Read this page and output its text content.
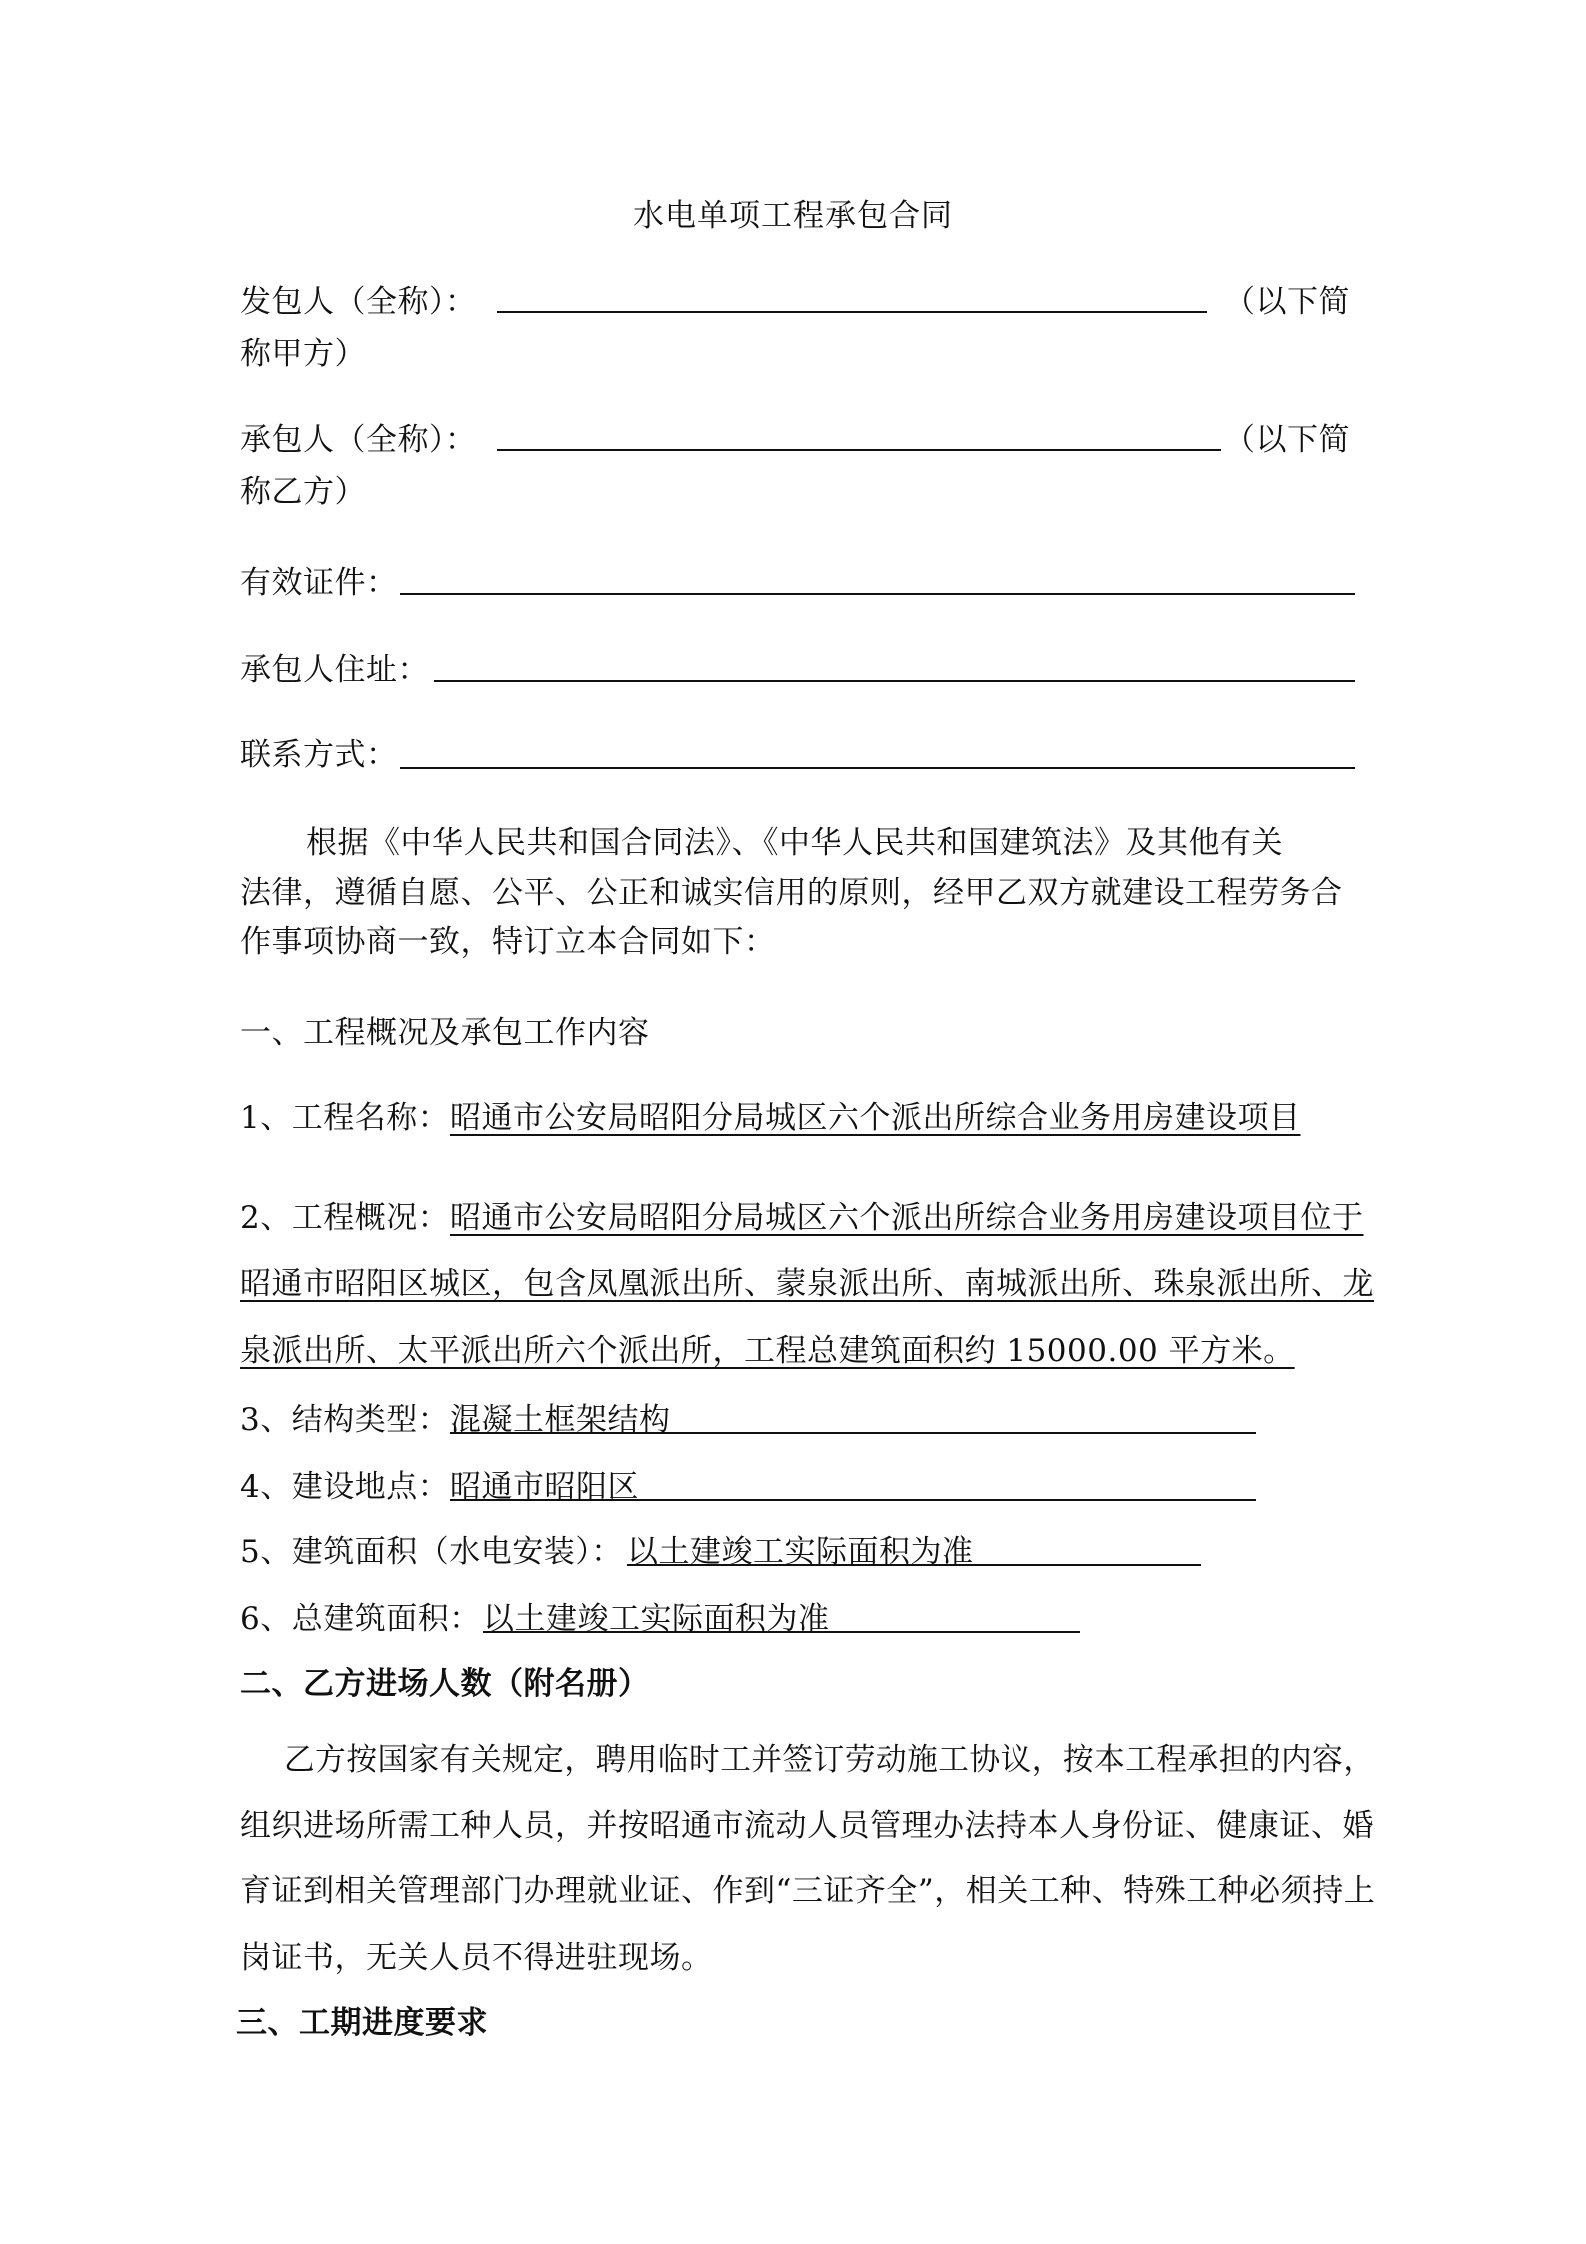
水电单项工程承包合同
发包人（全称）：	（以下简
称甲方）
承包人（全称）：	（以下简
称乙方）
有效证件：
承包人住址：
联系方式：
根据《中华人民共和国合同法》、《中华人民共和国建筑法》及其他有关
法律，遵循自愿、公平、公正和诚实信用的原则，经甲乙双方就建设工程劳务合
作事项协商一致，特订立本合同如下：
一、工程概况及承包工作内容
1、工程名称： 昭通市公安局昭阳分局城区六个派出所综合业务用房建设项目
2、工程概况： 昭通市公安局昭阳分局城区六个派出所综合业务用房建设项目位于
昭通市昭阳区城区，包含凤凰派出所、蒙泉派出所、南城派出所、珠泉派出所、龙
泉派出所、太平派出所六个派出所，工程总建筑面积约 15000.00 平方米。
3、结构类型： 混凝土框架结构
4、建设地点： 昭通市昭阳区
5、建筑面积（水电安装）： 以土建竣工实际面积为准
6、总建筑面积： 以土建竣工实际面积为准
二、乙方进场人数（附名册）
乙方按国家有关规定，聘用临时工并签订劳动施工协议，按本工程承担的内容，
组织进场所需工种人员，并按昭通市流动人员管理办法持本人身份证、健康证、婚
育证到相关管理部门办理就业证、作到“三证齐全”，相关工种、特殊工种必须持上
岗证书，无关人员不得进驻现场。
三、工期进度要求
